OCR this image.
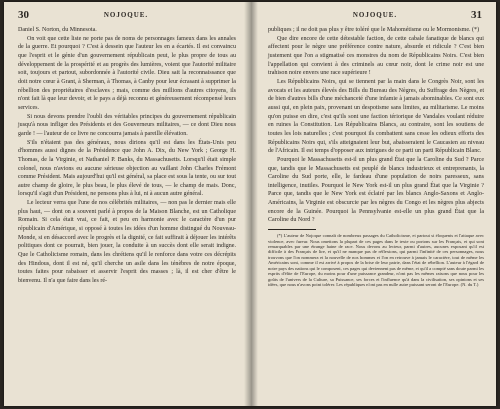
30	NOJOQUE.

Daniel S. Norton, du Minnesota.

On voit que cette liste ne porte pas de noms de personnages fameux dans les annales de la guerre. Et pourquoi ? C'est à dessein que l'auteur les en a écartés. Il est convaincu que l'esprit et le génie d'un gouvernement républicain peut, le plus propre de tous au développement de la prospérité et au progrès des lumières, voient que l'autorité militaire soit, toujours et partout, subordonnée à l'autorité civile. Dieu sait la reconnaissance que doit notre cœur à Grant, à Sherman, à Thomas, à Canby pour leur écrasant à supprimer la rébellion des propriétaires d'esclaves ; mais, comme des millions d'autres citoyens, ils n'ont fait là que leur devoir, et le pays a déjà reconnu et généreusement récompensé leurs services.

Si nous devons prendre l'oubli des véritables principes du gouvernement républicain jusqu'à nous infliger des Présidents et des Gouverneurs militaires, — ce dont Dieu nous garde ! — l'auteur de ce livre ne concourra jamais à pareille élévation.

S'ils n'étaient pas des généraux, nous dirions qu'il est dans les États-Unis peu d'hommes aussi dignes de la Présidence que John A. Dix, du New York ; George H. Thomas, de la Virginie, et Nathaniel P. Banks, du Massachusetts. Lorsqu'il était simple colonel, nous n'avions eu aucune sérieuse objection au vaillant John Charles Frémont comme Président. Mais aujourd'hui qu'il est général, sa place est sous la tente, ou sur tout autre champ de gloire, le plus beau, le plus élevé de tous, — le champ de mais. Donc, lorsqu'il s'agit d'un Président, ne pensons plus à lui, ni à aucun autre général.

Le lecteur verra que l'une de nos célébrités militaires, — non pas le dernier mais elle plus haut, — dont on a souvent parlé à propos de la Maison Blanche, est un Catholique Romain. Si cela était vrai, ce fait, et peu en harmonie avec le caractère d'un pur républicain d'Amérique, si opposé à toutes les idées d'un homme distingué du Nouveau-Monde, si en désaccord avec le progrès et la dignité, ce fait suffirait à déjouer les intérêts politiques dont ce pourrait, bien jouer, la conduite à un succès dont elle serait indigne. Que le Catholicisme romain, dans les chrétiens qu'il le renforce dans votre ces décrépits des Hindous, dont il est né, qu'il cherche un asile dans les ténèbres de notre époque, toutes faites pour rabaisser et asservir l'esprit des masses ; là, il est cher d'être le bienvenu. Il n'a que faire dans les ré-

NOJOQUE.	31

publiques ; il ne doit pas plus y être toléré que le Mahométisme ou le Mormonisme. (*)

Que dire encore de cette détestable faction, de cette cabale fanatique de blancs qui affectent pour le nègre une préférence contre nature, absurde et ridicule ? C'est bien justement que l'on a stigmatisé ces monstres du nom de Républicains Noirs. C'est bien l'appellation qui convient à des criminels au cœur noir, dont le crime noir est une trahison noire envers une race supérieure !

Les Républicains Noirs, qui se tiennent par la main dans le Congrès Noir, sont les avocats et les auteurs élevés des Bills du Bureau des Nègres, du Suffrage des Nègres, et de bien d'autres bills d'une méchanceté d'une infamie à jamais abominables. Ce sont eux aussi qui, en plein paix, provenant un despotisme sans limites, au militarisme. Le moins qu'on puisse en dire, c'est qu'ils sont une faction tériorique de Vandales voulant réduire en ruines la Constitution. Les Républicains Blancs, au contraire, sont les soutiens de toutes les lois naturelles ; c'est pourquoi ils combattent sans cesse les odieux efforts des Républicains Noirs qui, s'ils atteignaient leur but, abaisseraient le Caucasien au niveau de l'Africain. Il est temps d'opposer aux intrigues de ce parti un parti Républicain Blanc.

Pourquoi le Massachusetts est-il un plus grand État que la Caroline du Sud ? Parce que, tandis que le Massachusetts est peuplé de blancs industrieux et entreprenants, la Caroline du Sud porte, elle, le fardeau d'une population de noirs paresseux, sans intelligence, inutiles. Pourquoi le New York est-il un plus grand État que la Virginie ? Parce que, tandis que le New York est éclairé par les blancs Anglo-Saxons et Anglo-Américains, la Virginie est obscurcie par les nègres du Congo et les nègres plus abjects encore de la Guinée. Pourquoi la Pennsylvanie est-elle un plus grand État que la Caroline du Nord ?

(*) L'auteur de Nojoque connaît de nombreux passages du Catholicisme, et partout si éloquents et l'attaque avec violence, avec fureur. Nous omettons la plupart de ces pages dans le texte ou portons sur les Français, et qui sont remarquables par une étrange haine de race. Nous devons au lecteur, parmi d'autres, aucunes exposant qu'il est difficile à des Français de lire, et qu'il ne manque pas de réflexions, qui parmi l'infinité de ces personnages, nous trouvons que l'on nommera et la nouvelle de nos hommes et l'on en retrouve à jamais le caractère, tout de même les Américains sont, comme il est arrivé à propos de la brise de leur patrie, dans l'état de rébellion. L'auteur à l'égard de notre pays des nations qui le composent, ces pages qui deviennent pas de même, et qu'il a compté sans doute parmi les esprits d'élite de l'Europe, du moins pour d'une puissance grandeur, n'ont pas les mêmes raisons que nous pour les goûts de l'univers de la Culture, sa Puissance, ses forces et l'influence qu'à dans la civilisation, ses opinions et ses idées, que nous n'avons point tolérer. Les républiques n'ont pas en nulle autre puissant seront de l'Europe. (N. du T.)
